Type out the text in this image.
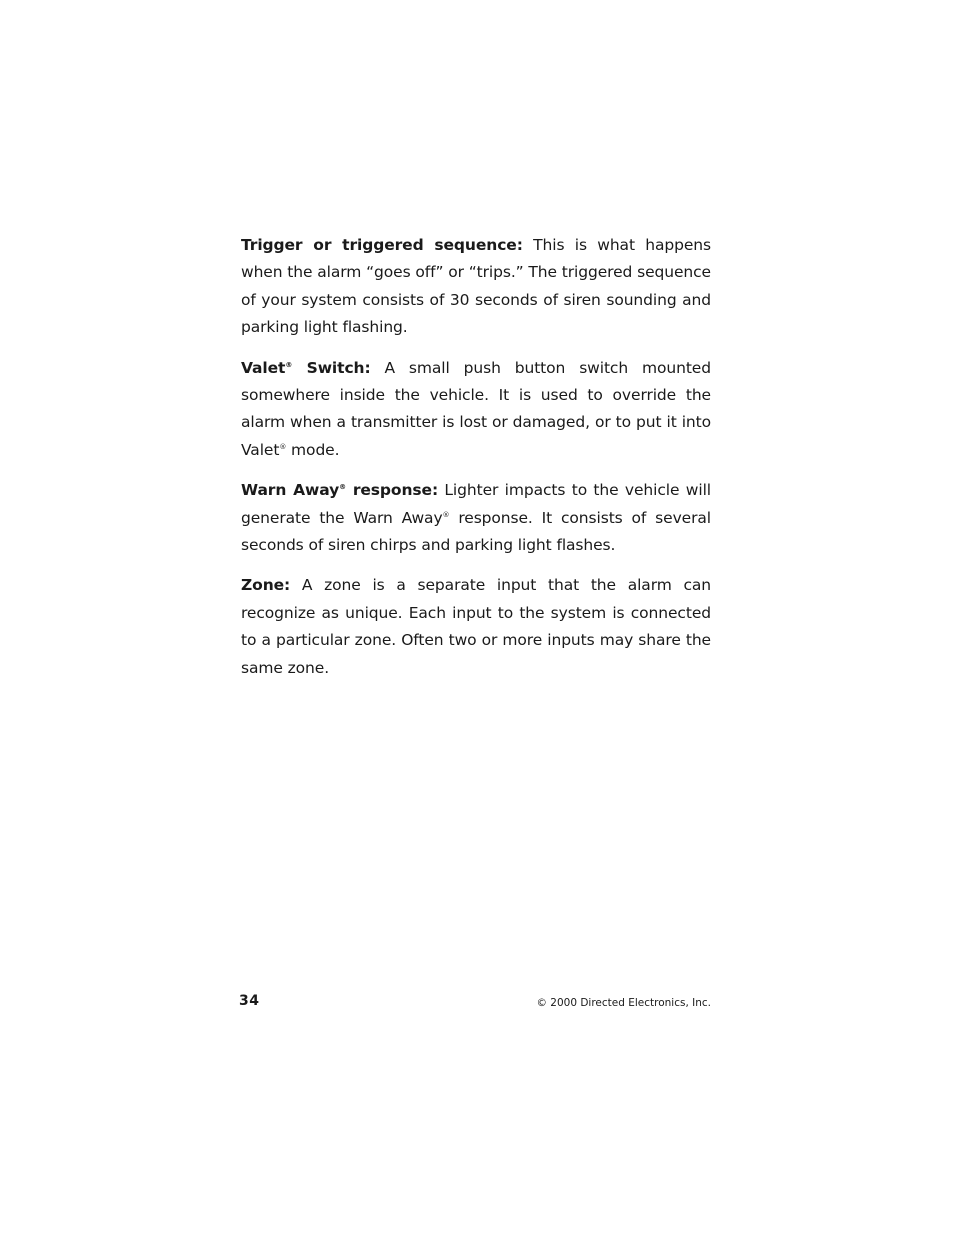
Trigger or triggered sequence: This is what happens when the alarm “goes off” or “trips.” The triggered sequence of your system consists of 30 seconds of siren sounding and parking light flashing.

Valet® Switch: A small push button switch mounted somewhere inside the vehicle. It is used to override the alarm when a transmitter is lost or damaged, or to put it into Valet® mode.

Warn Away® response: Lighter impacts to the vehicle will generate the Warn Away® response. It consists of several seconds of siren chirps and parking light flashes.

Zone: A zone is a separate input that the alarm can recognize as unique. Each input to the system is connected to a particular zone. Often two or more inputs may share the same zone.

34	© 2000 Directed Electronics, Inc.
